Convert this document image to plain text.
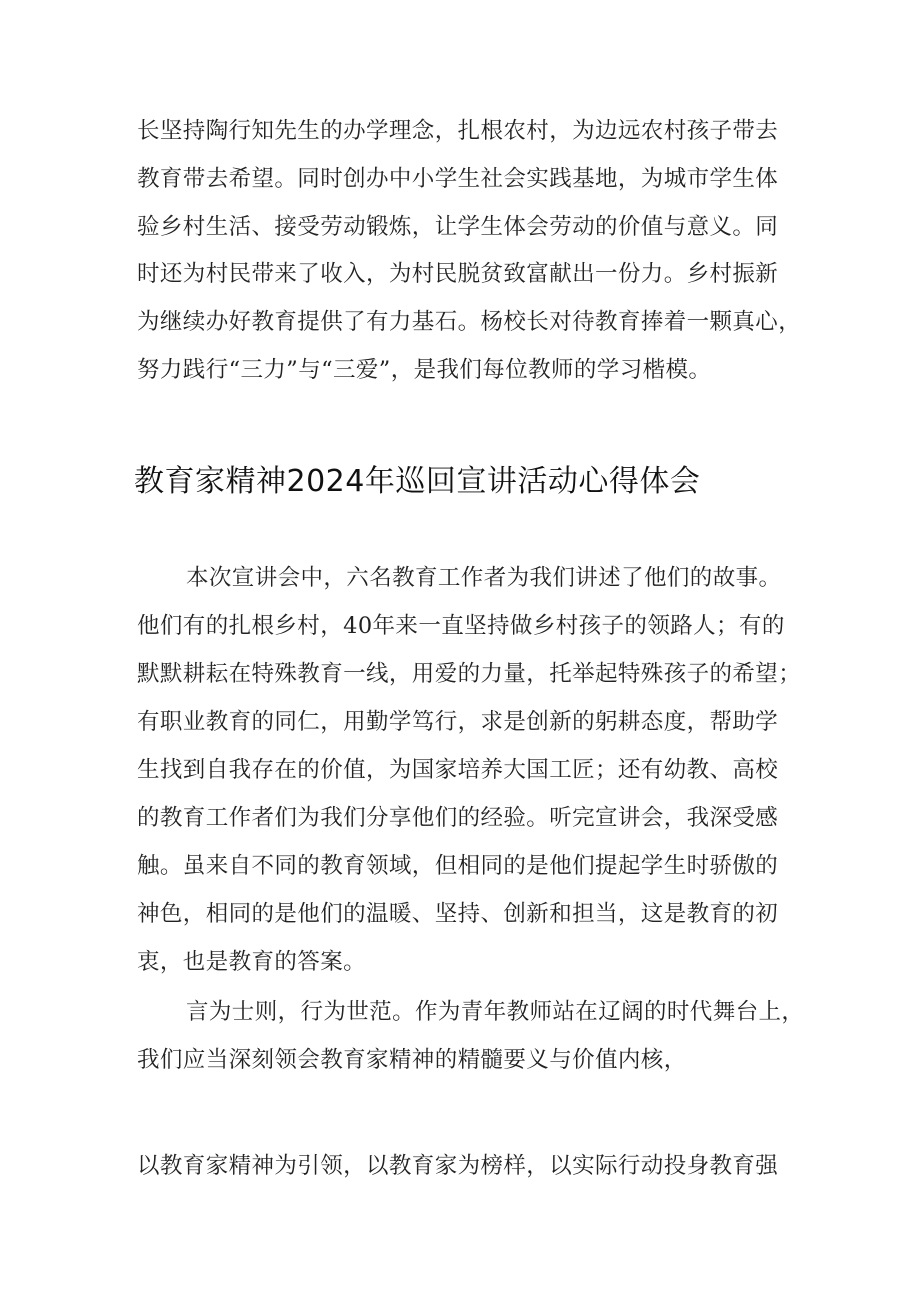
长坚持陶行知先生的办学理念，扎根农村，为边远农村孩子带去
教育带去希望。同时创办中小学生社会实践基地，为城市学生体
验乡村生活、接受劳动锻炼，让学生体会劳动的价值与意义。同
时还为村民带来了收入，为村民脱贫致富献出一份力。乡村振新
为继续办好教育提供了有力基石。杨校长对待教育捧着一颗真心，
努力践行“三力”与“三爱”，是我们每位教师的学习楷模。
教育家精神2024年巡回宣讲活动心得体会
本次宣讲会中，六名教育工作者为我们讲述了他们的故事。
他们有的扎根乡村，40年来一直坚持做乡村孩子的领路人；有的
默默耕耘在特殊教育一线，用爱的力量，托举起特殊孩子的希望；
有职业教育的同仁，用勤学笃行，求是创新的躬耕态度，帮助学
生找到自我存在的价值，为国家培养大国工匠；还有幼教、高校
的教育工作者们为我们分享他们的经验。听完宣讲会，我深受感
触。虽来自不同的教育领域，但相同的是他们提起学生时骄傲的
神色，相同的是他们的温暖、坚持、创新和担当，这是教育的初
衷，也是教育的答案。
言为士则，行为世范。作为青年教师站在辽阔的时代舞台上，
我们应当深刻领会教育家精神的精髓要义与价值内核，
以教育家精神为引领，以教育家为榜样，以实际行动投身教育强
